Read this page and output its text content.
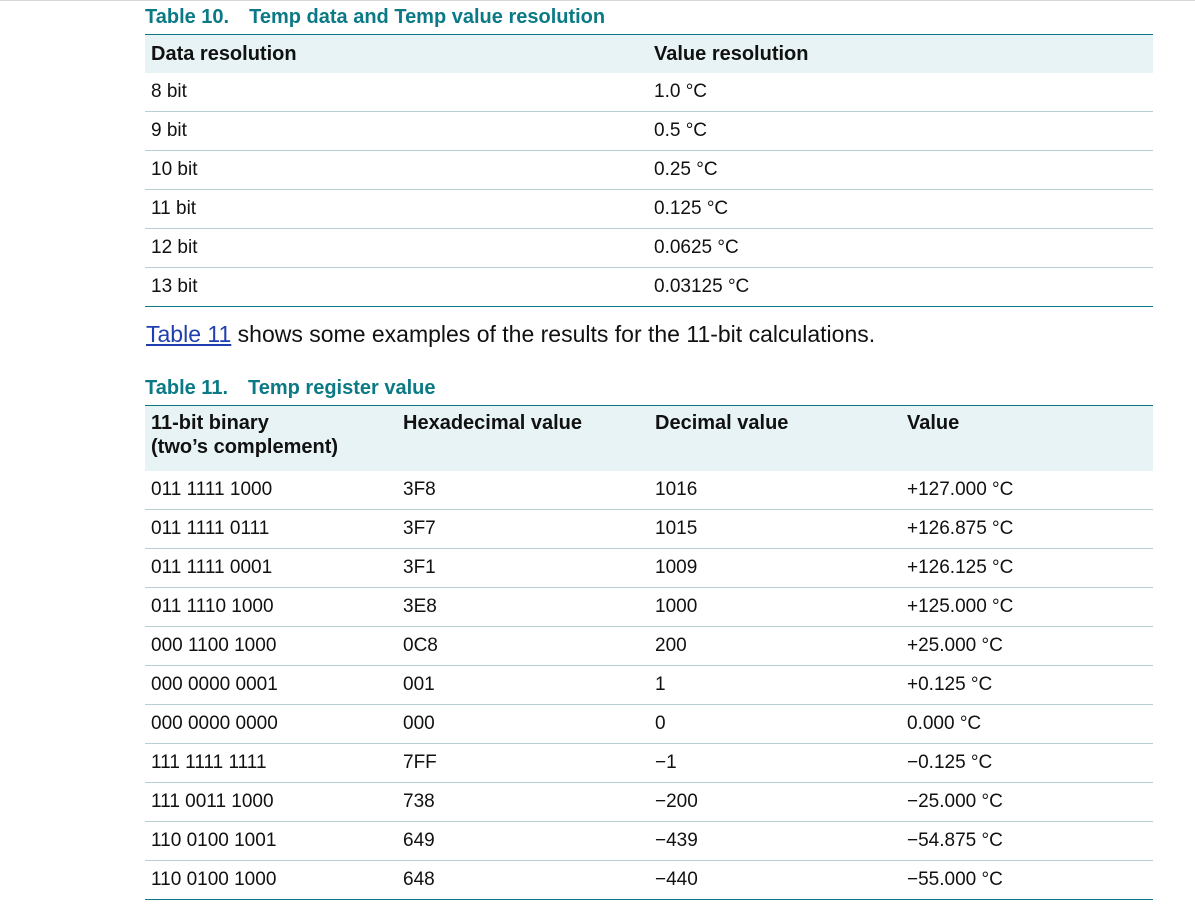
Table 10. Temp data and Temp value resolution
Data resolution	Value resolution
8 bit	1.0 °C
9 bit	0.5 °C
10 bit	0.25 °C
11 bit	0.125 °C
12 bit	0.0625 °C
13 bit	0.03125 °C
Table 11 shows some examples of the results for the 11-bit calculations.
Table 11. Temp register value
11-bit binary
(two’s complement)
Hexadecimal value	Decimal value	Value
011 1111 1000	3F8	1016	+127.000 °C
011 1111 0111	3F7	1015	+126.875 °C
011 1111 0001	3F1	1009	+126.125 °C
011 1110 1000	3E8	1000	+125.000 °C
000 1100 1000	0C8	200	+25.000 °C
000 0000 0001	001	1	+0.125 °C
000 0000 0000	000	0	0.000 °C
111 1111 1111	7FF	−1	−0.125 °C
111 0011 1000	738	−200	−25.000 °C
110 0100 1001	649	−439	−54.875 °C
110 0100 1000	648	−440	−55.000 °C
